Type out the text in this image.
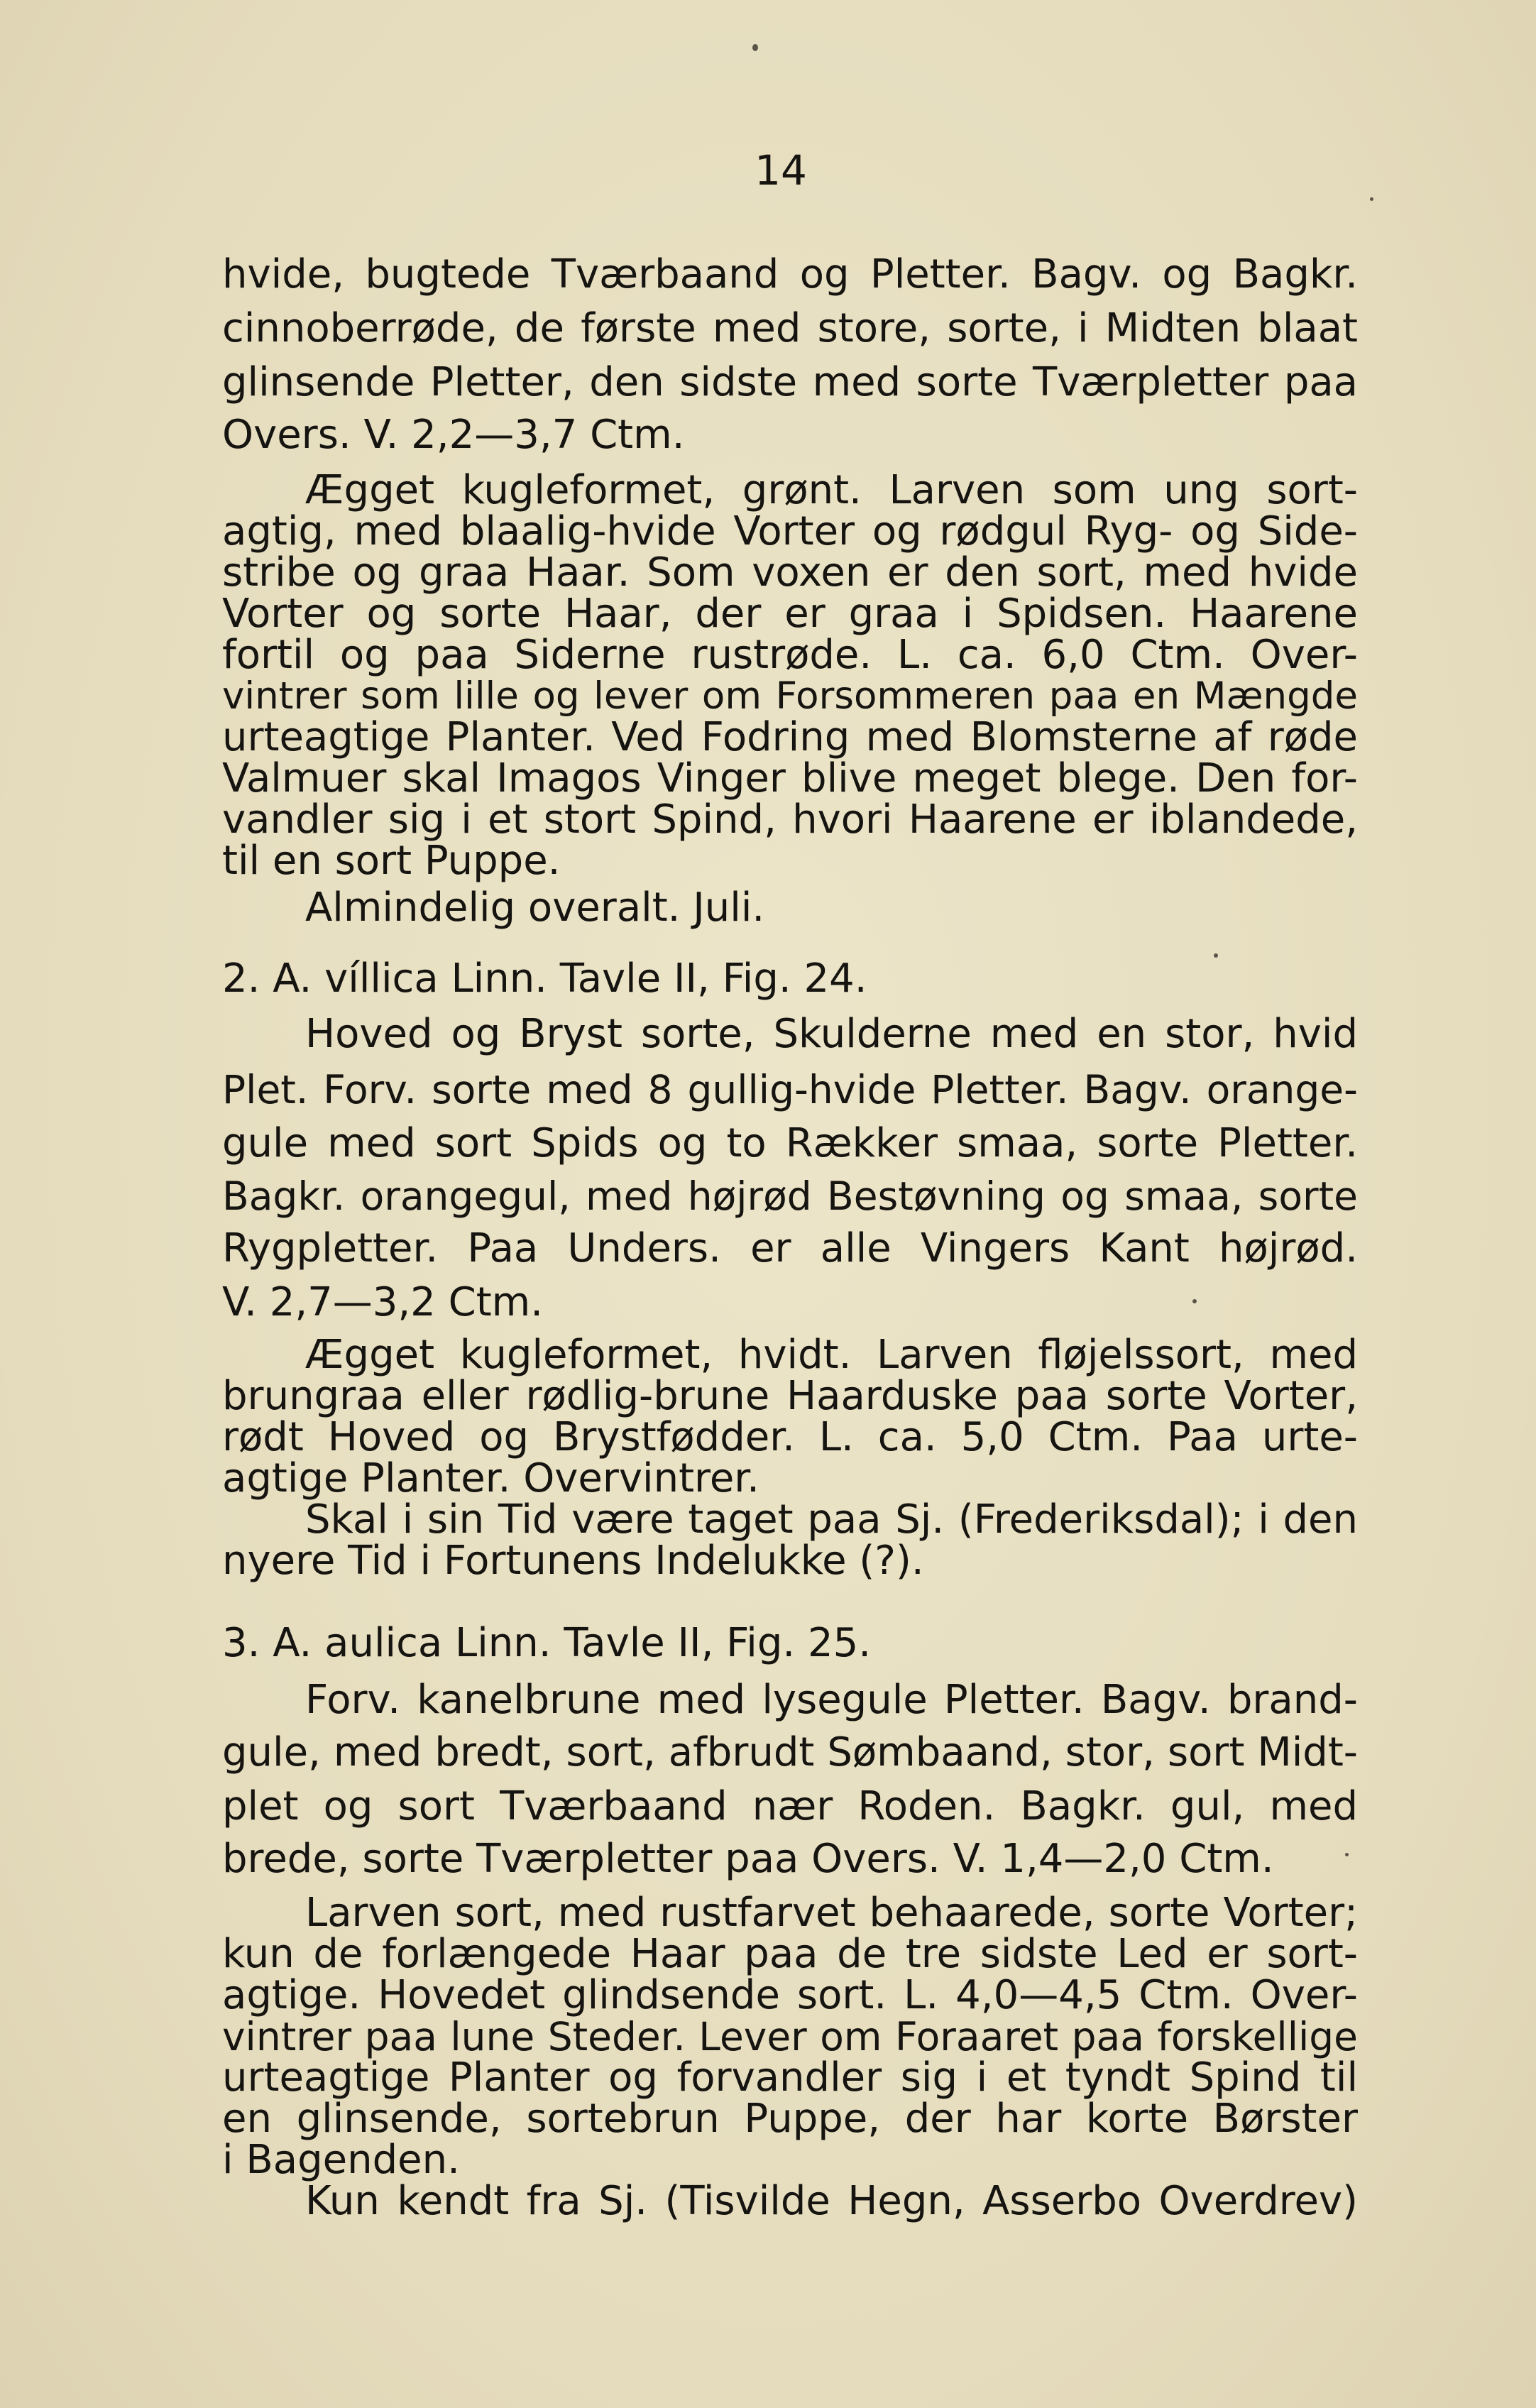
14
hvide, bugtede Tværbaand og Pletter. Bagv. og Bagkr.
cinnoberrøde, de første med store, sorte, i Midten blaat
glinsende Pletter, den sidste med sorte Tværpletter paa
Overs. V. 2,2—3,7 Ctm.
Ægget kugleformet, grønt. Larven som ung sort-
agtig, med blaalig-hvide Vorter og rødgul Ryg- og Side-
stribe og graa Haar. Som voxen er den sort, med hvide
Vorter og sorte Haar, der er graa i Spidsen. Haarene
fortil og paa Siderne rustrøde. L. ca. 6,0 Ctm. Over-
vintrer som lille og lever om Forsommeren paa en Mængde
urteagtige Planter. Ved Fodring med Blomsterne af røde
Valmuer skal Imagos Vinger blive meget blege. Den for-
vandler sig i et stort Spind, hvori Haarene er iblandede,
til en sort Puppe.
Almindelig overalt. Juli.
2. A. víllica Linn. Tavle II, Fig. 24.
Hoved og Bryst sorte, Skulderne med en stor, hvid
Plet. Forv. sorte med 8 gullig-hvide Pletter. Bagv. orange-
gule med sort Spids og to Rækker smaa, sorte Pletter.
Bagkr. orangegul, med højrød Bestøvning og smaa, sorte
Rygpletter. Paa Unders. er alle Vingers Kant højrød.
V. 2,7—3,2 Ctm.
Ægget kugleformet, hvidt. Larven fløjelssort, med
brungraa eller rødlig-brune Haarduske paa sorte Vorter,
rødt Hoved og Brystfødder. L. ca. 5,0 Ctm. Paa urte-
agtige Planter. Overvintrer.
Skal i sin Tid være taget paa Sj. (Frederiksdal); i den
nyere Tid i Fortunens Indelukke (?).
3. A. aulica Linn. Tavle II, Fig. 25.
Forv. kanelbrune med lysegule Pletter. Bagv. brand-
gule, med bredt, sort, afbrudt Sømbaand, stor, sort Midt-
plet og sort Tværbaand nær Roden. Bagkr. gul, med
brede, sorte Tværpletter paa Overs. V. 1,4—2,0 Ctm.
Larven sort, med rustfarvet behaarede, sorte Vorter;
kun de forlængede Haar paa de tre sidste Led er sort-
agtige. Hovedet glindsende sort. L. 4,0—4,5 Ctm. Over-
vintrer paa lune Steder. Lever om Foraaret paa forskellige
urteagtige Planter og forvandler sig i et tyndt Spind til
en glinsende, sortebrun Puppe, der har korte Børster
i Bagenden.
Kun kendt fra Sj. (Tisvilde Hegn, Asserbo Overdrev)
